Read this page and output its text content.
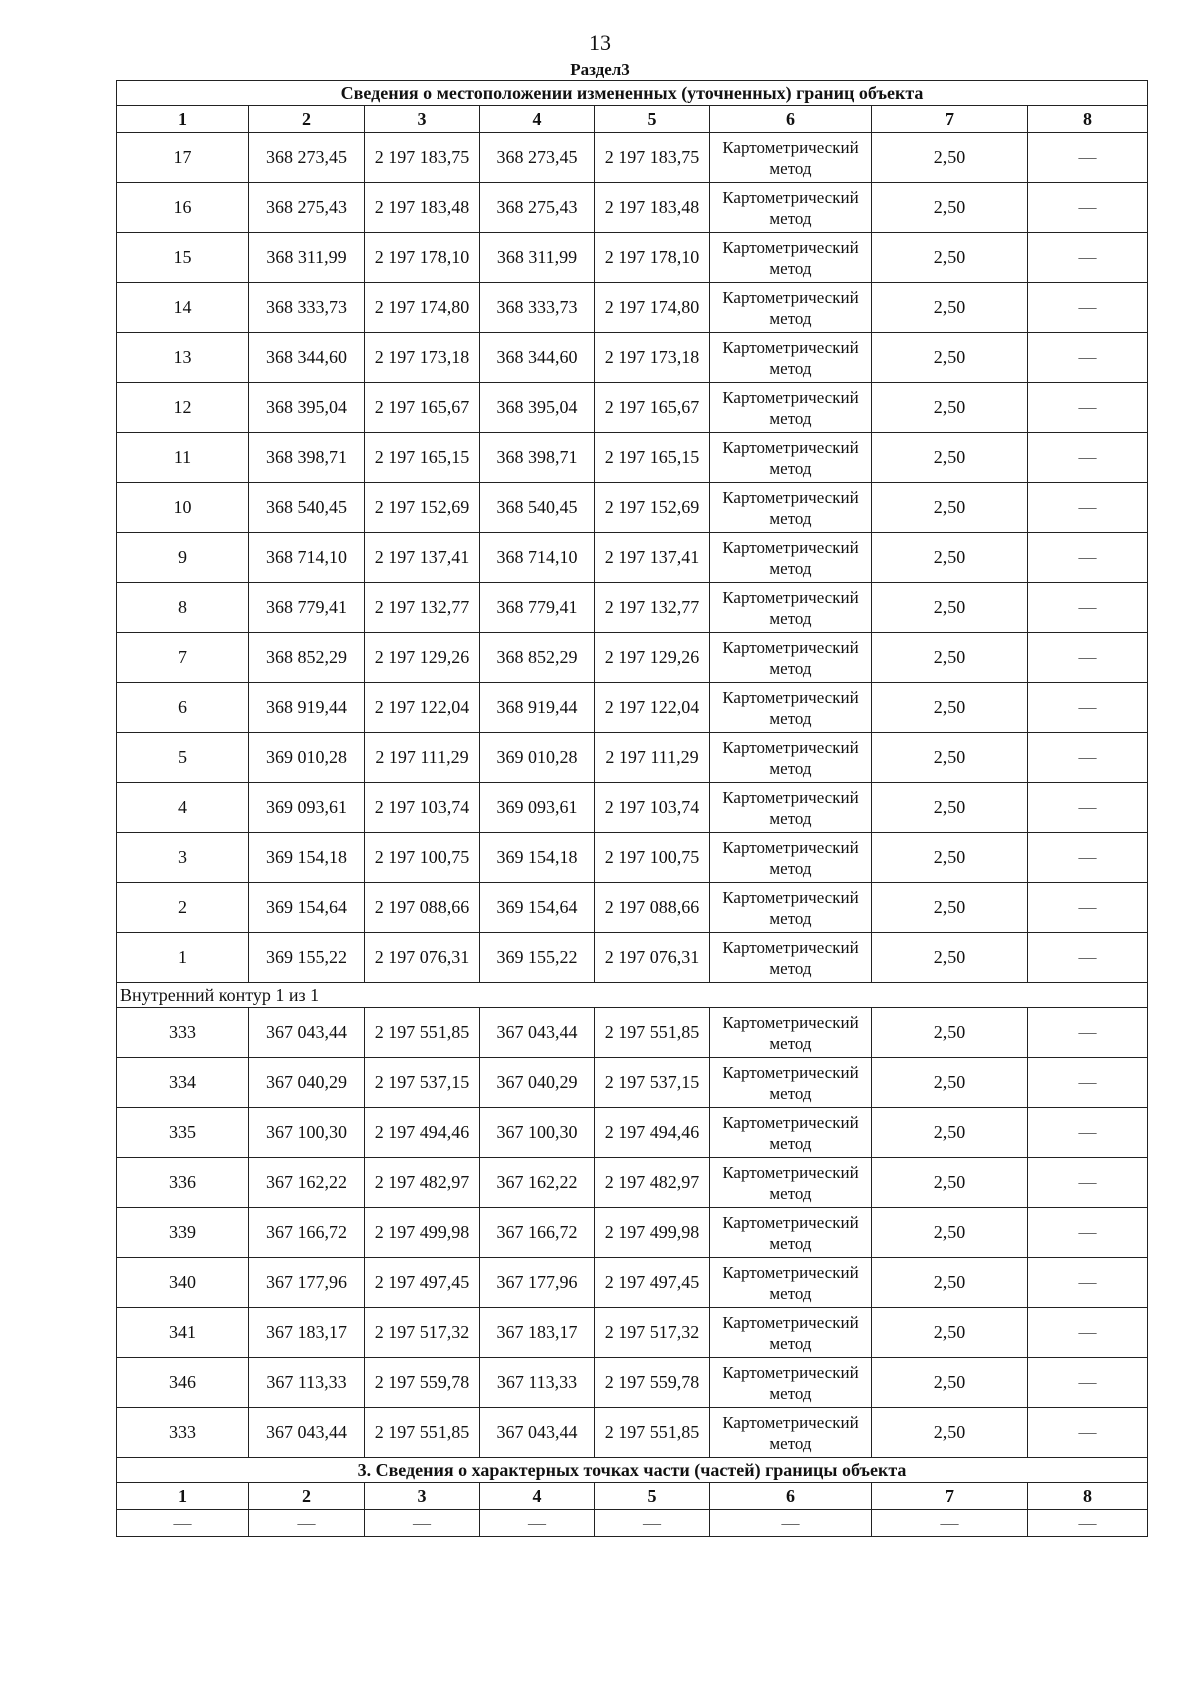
13
Раздел3
Сведения о местоположении измененных (уточненных) границ объекта							
1	2	3	4	5	6	7	8
17	368 273,45	2 197 183,75	368 273,45	2 197 183,75	Картометрический метод	2,50	—
16	368 275,43	2 197 183,48	368 275,43	2 197 183,48	Картометрический метод	2,50	—
15	368 311,99	2 197 178,10	368 311,99	2 197 178,10	Картометрический метод	2,50	—
14	368 333,73	2 197 174,80	368 333,73	2 197 174,80	Картометрический метод	2,50	—
13	368 344,60	2 197 173,18	368 344,60	2 197 173,18	Картометрический метод	2,50	—
12	368 395,04	2 197 165,67	368 395,04	2 197 165,67	Картометрический метод	2,50	—
11	368 398,71	2 197 165,15	368 398,71	2 197 165,15	Картометрический метод	2,50	—
10	368 540,45	2 197 152,69	368 540,45	2 197 152,69	Картометрический метод	2,50	—
9	368 714,10	2 197 137,41	368 714,10	2 197 137,41	Картометрический метод	2,50	—
8	368 779,41	2 197 132,77	368 779,41	2 197 132,77	Картометрический метод	2,50	—
7	368 852,29	2 197 129,26	368 852,29	2 197 129,26	Картометрический метод	2,50	—
6	368 919,44	2 197 122,04	368 919,44	2 197 122,04	Картометрический метод	2,50	—
5	369 010,28	2 197 111,29	369 010,28	2 197 111,29	Картометрический метод	2,50	—
4	369 093,61	2 197 103,74	369 093,61	2 197 103,74	Картометрический метод	2,50	—
3	369 154,18	2 197 100,75	369 154,18	2 197 100,75	Картометрический метод	2,50	—
2	369 154,64	2 197 088,66	369 154,64	2 197 088,66	Картометрический метод	2,50	—
1	369 155,22	2 197 076,31	369 155,22	2 197 076,31	Картометрический метод	2,50	—
Внутренний контур 1 из 1							
333	367 043,44	2 197 551,85	367 043,44	2 197 551,85	Картометрический метод	2,50	—
334	367 040,29	2 197 537,15	367 040,29	2 197 537,15	Картометрический метод	2,50	—
335	367 100,30	2 197 494,46	367 100,30	2 197 494,46	Картометрический метод	2,50	—
336	367 162,22	2 197 482,97	367 162,22	2 197 482,97	Картометрический метод	2,50	—
339	367 166,72	2 197 499,98	367 166,72	2 197 499,98	Картометрический метод	2,50	—
340	367 177,96	2 197 497,45	367 177,96	2 197 497,45	Картометрический метод	2,50	—
341	367 183,17	2 197 517,32	367 183,17	2 197 517,32	Картометрический метод	2,50	—
346	367 113,33	2 197 559,78	367 113,33	2 197 559,78	Картометрический метод	2,50	—
333	367 043,44	2 197 551,85	367 043,44	2 197 551,85	Картометрический метод	2,50	—
3. Сведения о характерных точках части (частей) границы объекта							
1	2	3	4	5	6	7	8
—	—	—	—	—	—	—	—
